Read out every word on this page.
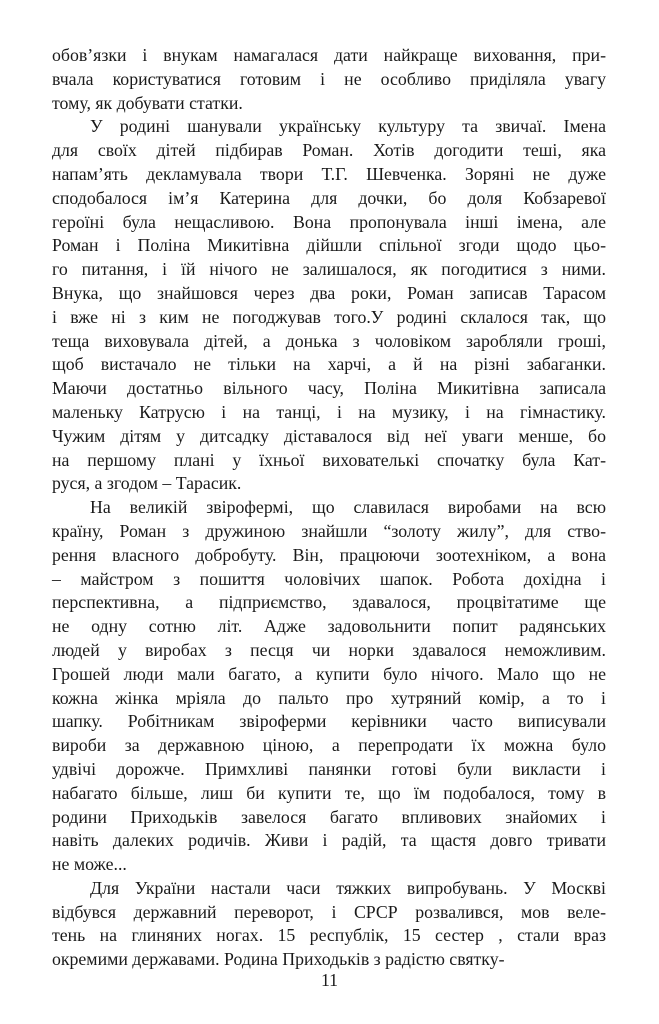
обов’язки і внукам намагалася дати найкраще виховання, при-
вчала користуватися готовим і не особливо приділяла увагу
тому, як добувати статки.
У родині шанували українську культуру та звичаї. Імена
для своїх дітей підбирав Роман. Хотів догодити теші, яка
напам’ять декламувала твори Т.Г. Шевченка. Зоряні не дуже
сподобалося ім’я Катерина для дочки, бо доля Кобзаревої
героїні була нещасливою. Вона пропонувала інші імена, але
Роман і Поліна Микитівна дійшли спільної згоди щодо цьо-
го питання, і їй нічого не залишалося, як погодитися з ними.
Внука, що знайшовся через два роки, Роман записав Тарасом
і вже ні з ким не погоджував того.У родині склалося так, що
теща виховувала дітей, а донька з чоловіком заробляли гроші,
щоб вистачало не тільки на харчі, а й на різні забаганки.
Маючи достатньо вільного часу, Поліна Микитівна записала
маленьку Катрусю і на танці, і на музику, і на гімнастику.
Чужим дітям у дитсадку діставалося від неї уваги менше, бо
на першому плані у їхньої вихователькі спочатку була Кат-
руся, а згодом – Тарасик.
На великій звірофермі, що славилася виробами на всю
країну, Роман з дружиною знайшли “золоту жилу”, для ство-
рення власного добробуту. Він, працюючи зоотехніком, а вона
– майстром з пошиття чоловічих шапок. Робота дохідна і
перспективна, а підприємство, здавалося, процвітатиме ще
не одну сотню літ. Адже задовольнити попит радянських
людей у виробах з песця чи норки здавалося неможливим.
Грошей люди мали багато, а купити було нічого. Мало що не
кожна жінка мріяла до пальто про хутряний комір, а то і
шапку. Робітникам звіроферми керівники часто виписували
вироби за державною ціною, а перепродати їх можна було
удвічі дорожче. Примхливі панянки готові були викласти і
набагато більше, лиш би купити те, що їм подобалося, тому в
родини Приходьків завелося багато впливових знайомих і
навіть далеких родичів. Живи і радій, та щастя довго тривати
не може...
Для України настали часи тяжких випробувань. У Москві
відбувся державний переворот, і СРСР розвалився, мов веле-
тень на глиняних ногах. 15 республік, 15 сестер , стали враз
окремими державами. Родина Приходьків з радістю святку-
11
